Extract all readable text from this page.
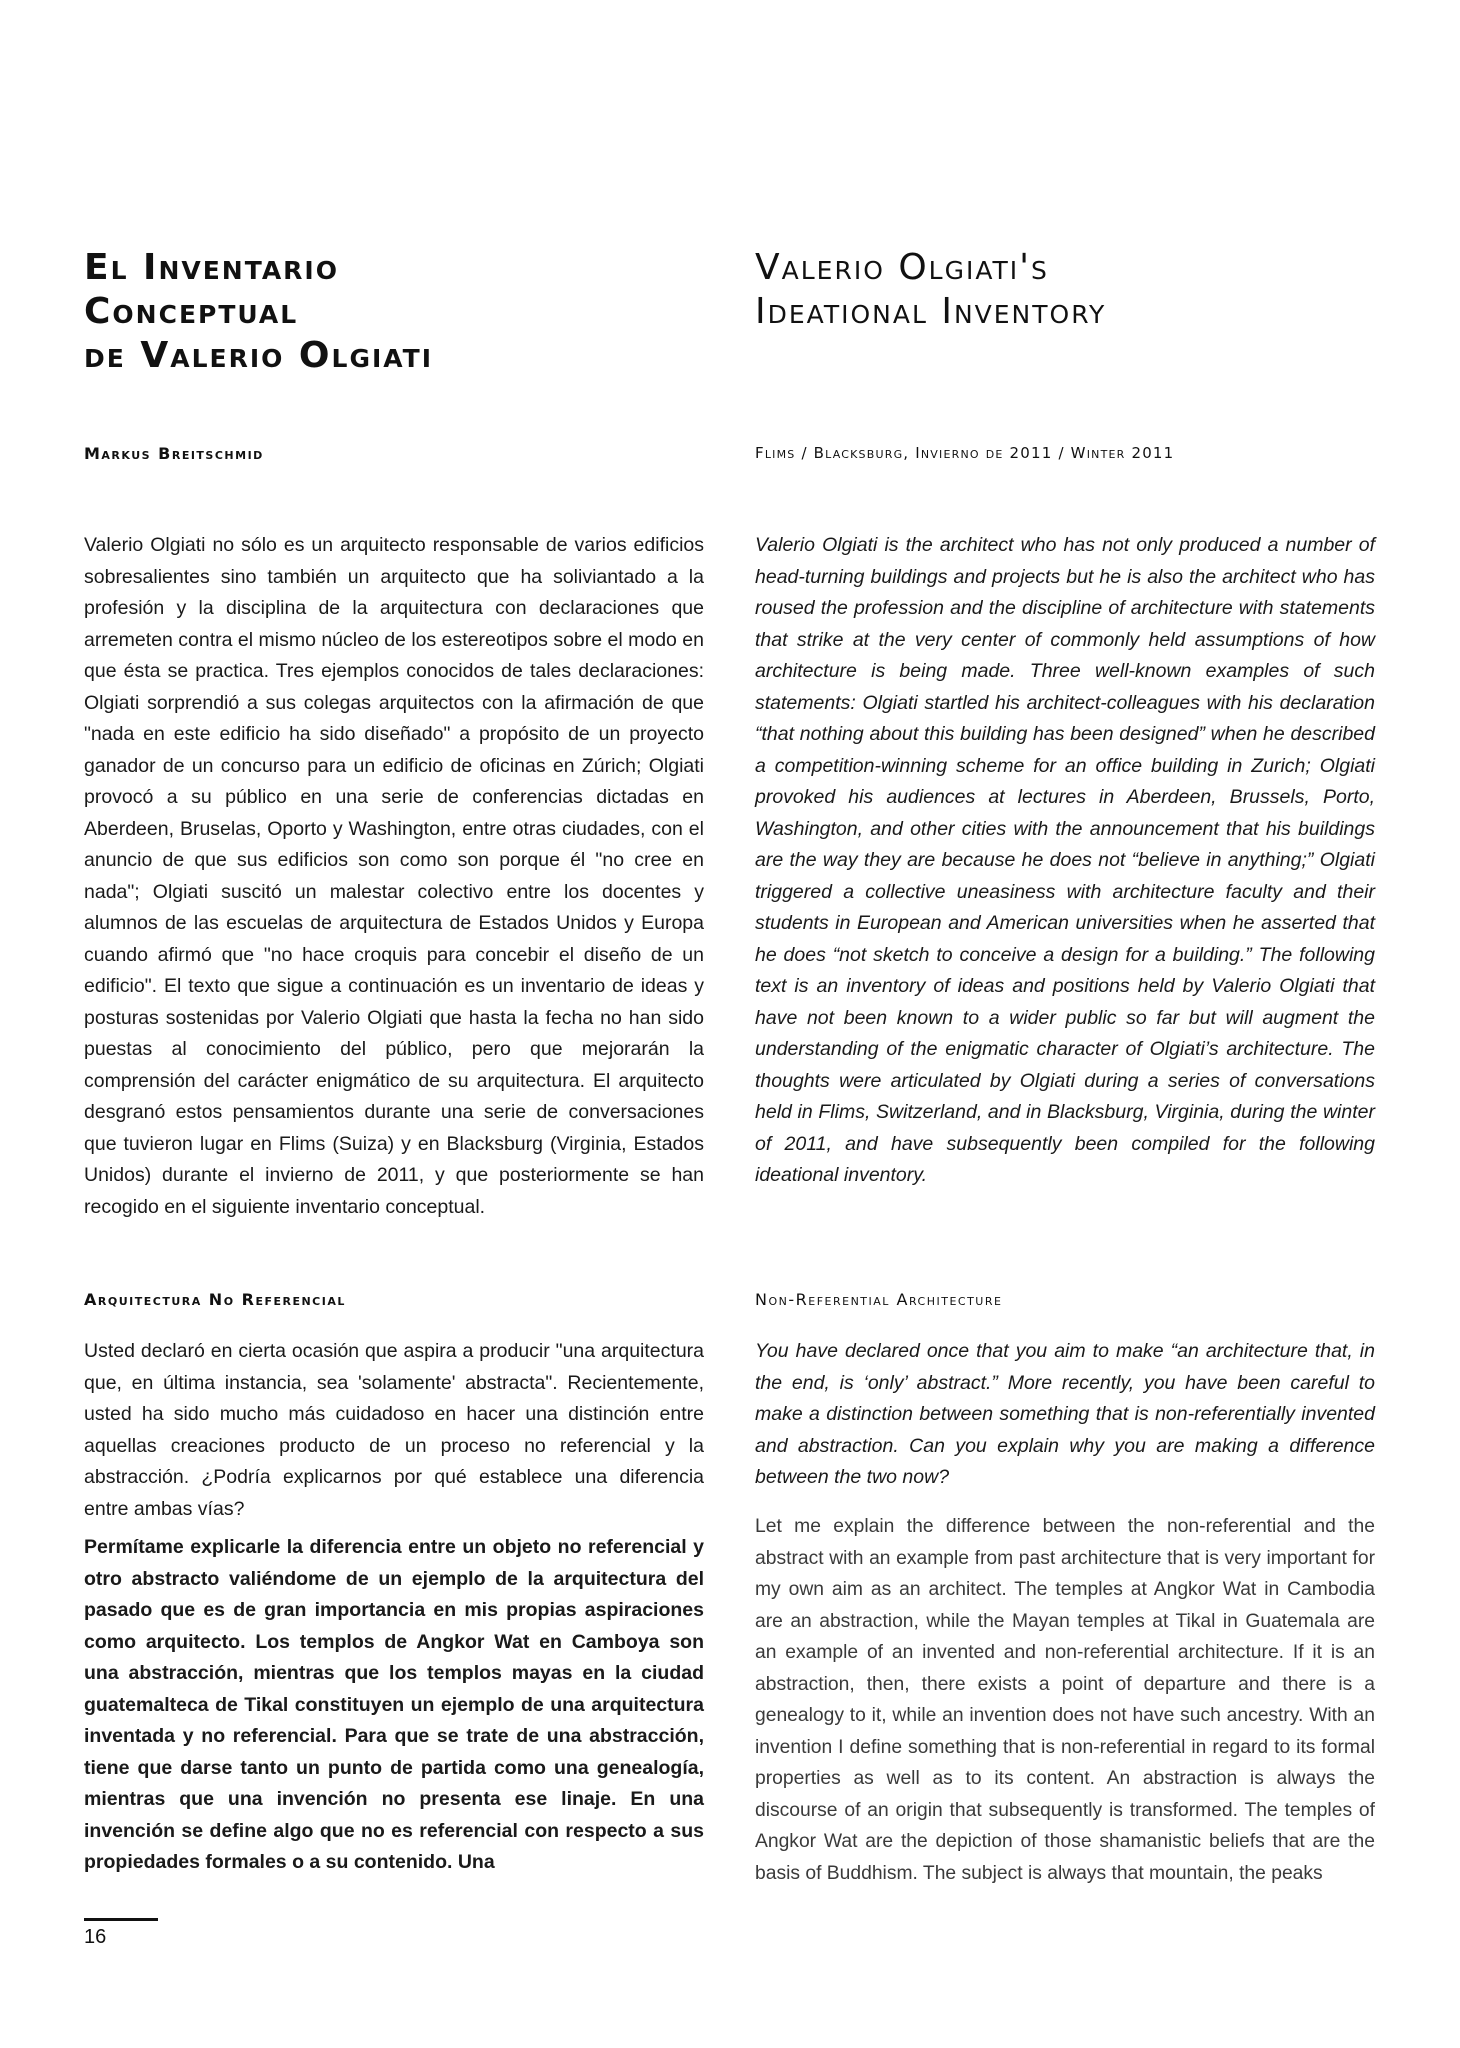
El Inventario
Conceptual
de Valerio Olgiati
Valerio Olgiati's
Ideational Inventory
Markus Breitschmid	Flims / Blacksburg, Invierno de 2011 / Winter 2011

Valerio Olgiati no sólo es un arquitecto responsable de varios edificios sobresalientes sino también un arquitecto que ha soliviantado a la profesión y la disciplina de la arquitectura con declaraciones que arremeten contra el mismo núcleo de los estereotipos sobre el modo en que ésta se practica. Tres ejemplos conocidos de tales declaraciones: Olgiati sorprendió a sus colegas arquitectos con la afirmación de que "nada en este edificio ha sido diseñado" a propósito de un proyecto ganador de un concurso para un edificio de oficinas en Zúrich; Olgiati provocó a su público en una serie de conferencias dictadas en Aberdeen, Bruselas, Oporto y Washington, entre otras ciudades, con el anuncio de que sus edificios son como son porque él "no cree en nada"; Olgiati suscitó un malestar colectivo entre los docentes y alumnos de las escuelas de arquitectura de Estados Unidos y Europa cuando afirmó que "no hace croquis para concebir el diseño de un edificio". El texto que sigue a continuación es un inventario de ideas y posturas sostenidas por Valerio Olgiati que hasta la fecha no han sido puestas al conocimiento del público, pero que mejorarán la comprensión del carácter enigmático de su arquitectura. El arquitecto desgranó estos pensamientos durante una serie de conversaciones que tuvieron lugar en Flims (Suiza) y en Blacksburg (Virginia, Estados Unidos) durante el invierno de 2011, y que posteriormente se han recogido en el siguiente inventario conceptual.

Valerio Olgiati is the architect who has not only produced a number of head-turning buildings and projects but he is also the architect who has roused the profession and the discipline of architecture with statements that strike at the very center of commonly held assumptions of how architecture is being made. Three well-known examples of such statements: Olgiati startled his architect-colleagues with his declaration “that nothing about this building has been designed” when he described a competition-winning scheme for an office building in Zurich; Olgiati provoked his audiences at lectures in Aberdeen, Brussels, Porto, Washington, and other cities with the announcement that his buildings are the way they are because he does not “believe in anything;” Olgiati triggered a collective uneasiness with architecture faculty and their students in European and American universities when he asserted that he does “not sketch to conceive a design for a building.” The following text is an inventory of ideas and positions held by Valerio Olgiati that have not been known to a wider public so far but will augment the understanding of the enigmatic character of Olgiati’s architecture. The thoughts were articulated by Olgiati during a series of conversations held in Flims, Switzerland, and in Blacksburg, Virginia, during the winter of 2011, and have subsequently been compiled for the following ideational inventory.

Arquitectura No Referencial	Non-Referential Architecture

Usted declaró en cierta ocasión que aspira a producir "una arquitectura que, en última instancia, sea 'solamente' abstracta". Recientemente, usted ha sido mucho más cuidadoso en hacer una distinción entre aquellas creaciones producto de un proceso no referencial y la abstracción. ¿Podría explicarnos por qué establece una diferencia entre ambas vías?

You have declared once that you aim to make “an architecture that, in the end, is ‘only’ abstract.” More recently, you have been careful to make a distinction between something that is non-referentially invented and abstraction. Can you explain why you are making a difference between the two now?

Permítame explicarle la diferencia entre un objeto no referencial y otro abstracto valiéndome de un ejemplo de la arquitectura del pasado que es de gran importancia en mis propias aspiraciones como arquitecto. Los templos de Angkor Wat en Camboya son una abstracción, mientras que los templos mayas en la ciudad guatemalteca de Tikal constituyen un ejemplo de una arquitectura inventada y no referencial. Para que se trate de una abstracción, tiene que darse tanto un punto de partida como una genealogía, mientras que una invención no presenta ese linaje. En una invención se define algo que no es referencial con respecto a sus propiedades formales o a su contenido. Una

Let me explain the difference between the non-referential and the abstract with an example from past architecture that is very important for my own aim as an architect. The temples at Angkor Wat in Cambodia are an abstraction, while the Mayan temples at Tikal in Guatemala are an example of an invented and non-referential architecture. If it is an abstraction, then, there exists a point of departure and there is a genealogy to it, while an invention does not have such ancestry. With an invention I define something that is non-referential in regard to its formal properties as well as to its content. An abstraction is always the discourse of an origin that subsequently is transformed. The temples of Angkor Wat are the depiction of those shamanistic beliefs that are the basis of Buddhism. The subject is always that mountain, the peaks

16
